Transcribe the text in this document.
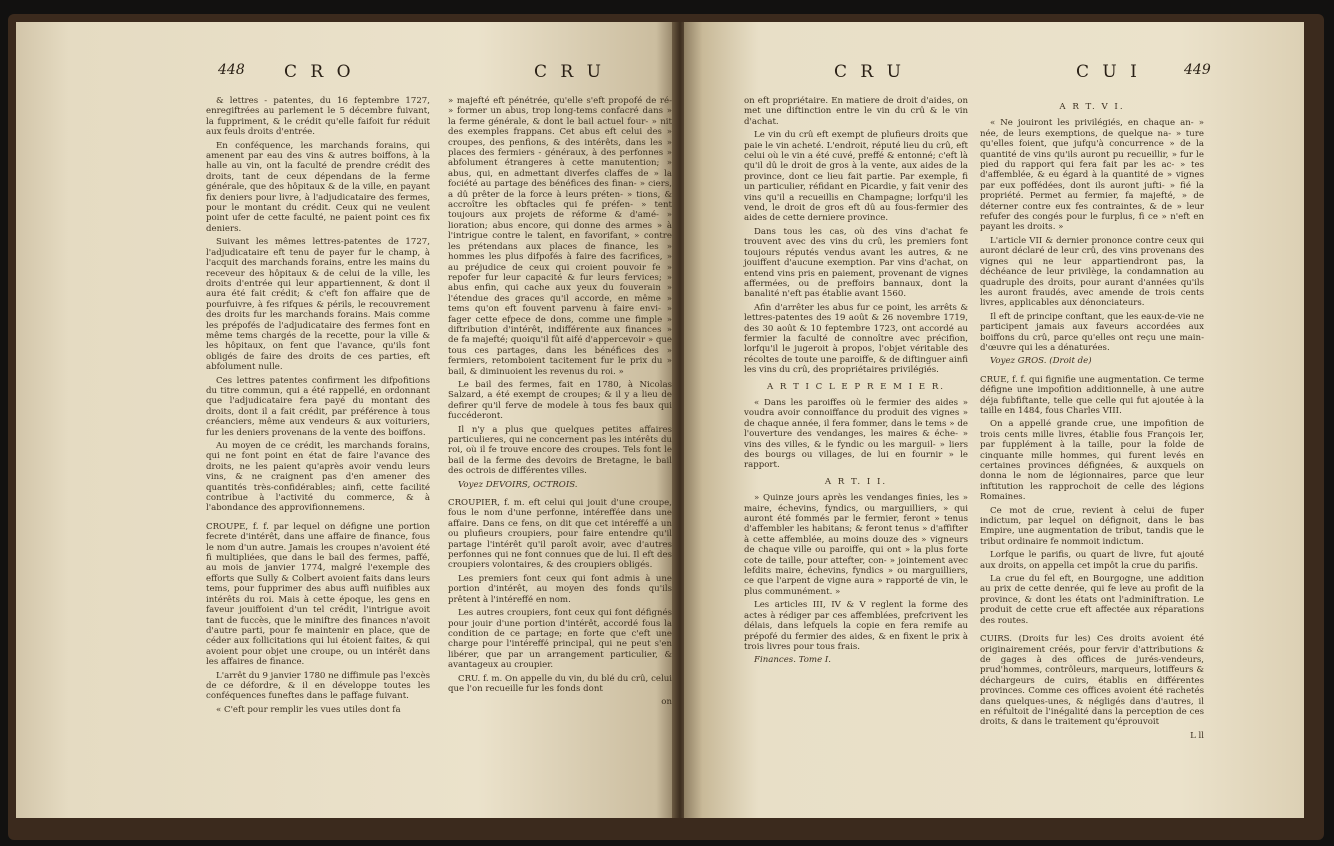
448 C R O	C R U

& lettres - patentes, du 16 feptembre 1727, enregiftrées au parlement le 5 décembre fuivant, la fuppriment, & le crédit qu'elle faifoit fur réduit aux feuls droits d'entrée.

En conféquence, les marchands forains, qui amenent par eau des vins & autres boiffons, à la halle au vin, ont la faculté de prendre crédit des droits, tant de ceux dépendans de la ferme générale, que des hôpitaux & de la ville, en payant fix deniers pour livre, à l'adjudicataire des fermes, pour le montant du crédit. Ceux qui ne veulent point ufer de cette faculté, ne paient point ces fix deniers.

Suivant les mêmes lettres-patentes de 1727, l'adjudicataire eft tenu de payer fur le champ, à l'acquit des marchands forains, entre les mains du receveur des hôpitaux & de celui de la ville, les droits d'entrée qui leur appartiennent, & dont il aura été fait crédit; & c'eft fon affaire que de pourfuivre, à fes rifques & périls, le recouvrement des droits fur les marchands forains. Mais comme les prépofés de l'adjudicataire des fermes font en même tems chargés de la recette, pour la ville & les hôpitaux, on fent que l'avance, qu'ils font obligés de faire des droits de ces parties, eft abfolument nulle.

Ces lettres patentes confirment les difpofitions du titre commun, qui a été rappellé, en ordonnant que l'adjudicataire fera payé du montant des droits, dont il a fait crédit, par préférence à tous créanciers, même aux vendeurs & aux voituriers, fur les deniers provenans de la vente des boiffons.

Au moyen de ce crédit, les marchands forains, qui ne font point en état de faire l'avance des droits, ne les paient qu'après avoir vendu leurs vins, & ne craignent pas d'en amener des quantités très-confidérables; ainfi, cette facilité contribue à l'activité du commerce, & à l'abondance des approvifionnemens.

CROUPE, f. f. par lequel on défigne une portion fecrete d'intérêt, dans une affaire de finance, fous le nom d'un autre. Jamais les croupes n'avoient été fi multipliées, que dans le bail des fermes, paffé, au mois de janvier 1774, malgré l'exemple des efforts que Sully & Colbert avoient faits dans leurs tems, pour fupprimer des abus auffi nuifibles aux intérêts du roi. Mais à cette époque, les gens en faveur jouiffoient d'un tel crédit, l'intrigue avoit tant de fuccès, que le miniftre des finances n'avoit d'autre parti, pour fe maintenir en place, que de céder aux follicitations qui lui étoient faites, & qui avoient pour objet une croupe, ou un intérêt dans les affaires de finance.

L'arrêt du 9 janvier 1780 ne diffimule pas l'excès de ce défordre, & il en développe toutes les conféquences funeftes dans le paffage fuivant.

« C'eft pour remplir les vues utiles dont fa

» majefté eft pénétrée, qu'elle s'eft propofé de ré- » former un abus, trop long-tems confacré dans » la ferme générale, & dont le bail actuel four- » nit des exemples frappans. Cet abus eft celui des » croupes, des penfions, & des intérêts, dans les » places des fermiers - généraux, à des perfonnes » abfolument étrangeres à cette manutention; » abus, qui, en admettant diverfes claffes de » la fociété au partage des bénéfices des finan- » ciers, a dû prêter de la force à leurs préten- » tions, & accroître les obftacles qui fe préfen- » tent toujours aux projets de réforme & d'amé- » lioration; abus encore, qui donne des armes » à l'intrigue contre le talent, en favorifant, » contre les prétendans aux places de finance, les » hommes les plus difpofés à faire des facrifices, » au préjudice de ceux qui croient pouvoir fe » repofer fur leur capacité & fur leurs fervices; » abus enfin, qui cache aux yeux du fouverain » l'étendue des graces qu'il accorde, en même » tems qu'on eft fouvent parvenu à faire envi- » fager cette efpece de dons, comme une fimple » diftribution d'intérêt, indifférente aux finances » de fa majefté; quoiqu'il fût aifé d'appercevoir » que tous ces partages, dans les bénéfices des » fermiers, retomboient tacitement fur le prix du » bail, & diminuoient les revenus du roi. »

Le bail des fermes, fait en 1780, à Nicolas Salzard, a été exempt de croupes; & il y a lieu de defirer qu'il ferve de modele à tous fes baux qui fuccéderont.

Il n'y a plus que quelques petites affaires particulieres, qui ne concernent pas les intérêts du roi, où il fe trouve encore des croupes. Tels font le bail de la ferme des devoirs de Bretagne, le bail des octrois de différentes villes.

Voyez DEVOIRS, OCTROIS.

CROUPIER, f. m. eft celui qui jouit d'une croupe, fous le nom d'une perfonne, intéreffée dans une affaire. Dans ce fens, on dit que cet intéreffé a un ou plufieurs croupiers, pour faire entendre qu'il partage l'intérêt qu'il paroît avoir, avec d'autres perfonnes qui ne font connues que de lui. Il eft des croupiers volontaires, & des croupiers obligés.

Les premiers font ceux qui font admis à une portion d'intérêt, au moyen des fonds qu'ils prêtent à l'intéreffé en nom.

Les autres croupiers, font ceux qui font défignés pour jouir d'une portion d'intérêt, accordé fous la condition de ce partage; en forte que c'eft une charge pour l'intéreffé principal, qui ne peut s'en libérer, que par un arrangement particulier, & avantageux au croupier.

CRU. f. m. On appelle du vin, du blé du crû, celui que l'on recueille fur les fonds dont

on

C R U	C U I	449

on eft propriétaire. En matiere de droit d'aides, on met une diftinction entre le vin du crû & le vin d'achat.

Le vin du crû eft exempt de plufieurs droits que paie le vin acheté. L'endroit, réputé lieu du crû, eft celui où le vin a été cuvé, preffé & entonné; c'eft là qu'il dû le droit de gros à la vente, aux aides de la province, dont ce lieu fait partie. Par exemple, fi un particulier, réfidant en Picardie, y fait venir des vins qu'il a recueillis en Champagne; lorfqu'il les vend, le droit de gros eft dû au fous-fermier des aides de cette derniere province.

Dans tous les cas, où des vins d'achat fe trouvent avec des vins du crû, les premiers font toujours réputés vendus avant les autres, & ne jouiffent d'aucune exemption. Par vins d'achat, on entend vins pris en paiement, provenant de vignes affermées, ou de preffoirs bannaux, dont la banalité n'eft pas établie avant 1560.

Afin d'arrêter les abus fur ce point, les arrêts & lettres-patentes des 19 août & 26 novembre 1719, des 30 août & 10 feptembre 1723, ont accordé au fermier la faculté de connoître avec précifion, lorfqu'il le jugeroit à propos, l'objet véritable des récoltes de toute une paroiffe, & de diftinguer ainfi les vins du crû, des propriétaires privilégiés.

A R T I C L E P R E M I E R.

« Dans les paroiffes où le fermier des aides » voudra avoir connoiffance du produit des vignes » de chaque année, il fera fommer, dans le tems » de l'ouverture des vendanges, les maires & éche- » vins des villes, & le fyndic ou les marguil- » liers des bourgs ou villages, de lui en fournir » le rapport.

A R T. I I.

» Quinze jours après les vendanges finies, les » maire, échevins, fyndics, ou marguilliers, » qui auront été fommés par le fermier, feront » tenus d'affembler les habitans; & feront tenus » d'affifter à cette affemblée, au moins douze des » vigneurs de chaque ville ou paroiffe, qui ont » la plus forte cote de taille, pour attefter, con- » jointement avec lefdits maire, échevins, fyndics » ou marguilliers, ce que l'arpent de vigne aura » rapporté de vin, le plus communément. »

Les articles III, IV & V reglent la forme des actes à rédiger par ces affemblées, prefcrivent les délais, dans lefquels la copie en fera remife au prépofé du fermier des aides, & en fixent le prix à trois livres pour tous frais.

Finances. Tome I.

A R T. V I.

« Ne jouiront les privilégiés, en chaque an- » née, de leurs exemptions, de quelque na- » ture qu'elles foient, que jufqu'à concurrence » de la quantité de vins qu'ils auront pu recueillir, » fur le pied du rapport qui fera fait par les ac- » tes d'affemblée, & eu égard à la quantité de » vignes par eux poffédées, dont ils auront jufti- » fié la propriété. Permet au fermier, fa majefté, » de déterner contre eux fes contraintes, & de » leur refufer des congés pour le furplus, fi ce » n'eft en payant les droits. »

L'article VII & dernier prononce contre ceux qui auront déclaré de leur crû, des vins provenans des vignes qui ne leur appartiendront pas, la déchéance de leur privilège, la condamnation au quadruple des droits, pour aurant d'années qu'ils les auront fraudés, avec amende de trois cents livres, applicables aux dénonciateurs.

Il eft de principe conftant, que les eaux-de-vie ne participent jamais aux faveurs accordées aux boiffons du crû, parce qu'elles ont reçu une main-d'œuvre qui les a dénaturées.

Voyez GROS. (Droit de)

CRUE, f. f. qui fignifie une augmentation. Ce terme défigne une impofition additionnelle, à une autre déja fubfiftante, telle que celle qui fut ajoutée à la taille en 1484, fous Charles VIII.

On a appellé grande crue, une impofition de trois cents mille livres, établie fous François Ier, par fupplément à la taille, pour la folde de cinquante mille hommes, qui furent levés en certaines provinces défignées, & auxquels on donna le nom de légionnaires, parce que leur inftitution les rapprochoit de celle des légions Romaines.

Ce mot de crue, revient à celui de fuper indictum, par lequel on défignoit, dans le bas Empire, une augmentation de tribut, tandis que le tribut ordinaire fe nommoit indictum.

Lorfque le parifis, ou quart de livre, fut ajouté aux droits, on appella cet impôt la crue du parifis.

La crue du fel eft, en Bourgogne, une addition au prix de cette denrée, qui fe leve au profit de la province, & dont les états ont l'adminiftration. Le produit de cette crue eft affectée aux réparations des routes.

CUIRS. (Droits fur les) Ces droits avoient été originairement créés, pour fervir d'attributions & de gages à des offices de jurés-vendeurs, prud'hommes, contrôleurs, marqueurs, lotiffeurs & déchargeurs de cuirs, établis en différentes provinces. Comme ces offices avoient été rachetés dans quelques-unes, & négligés dans d'autres, il en réfultoit de l'inégalité dans la perception de ces droits, & dans le traitement qu'éprouvoit

L ll
